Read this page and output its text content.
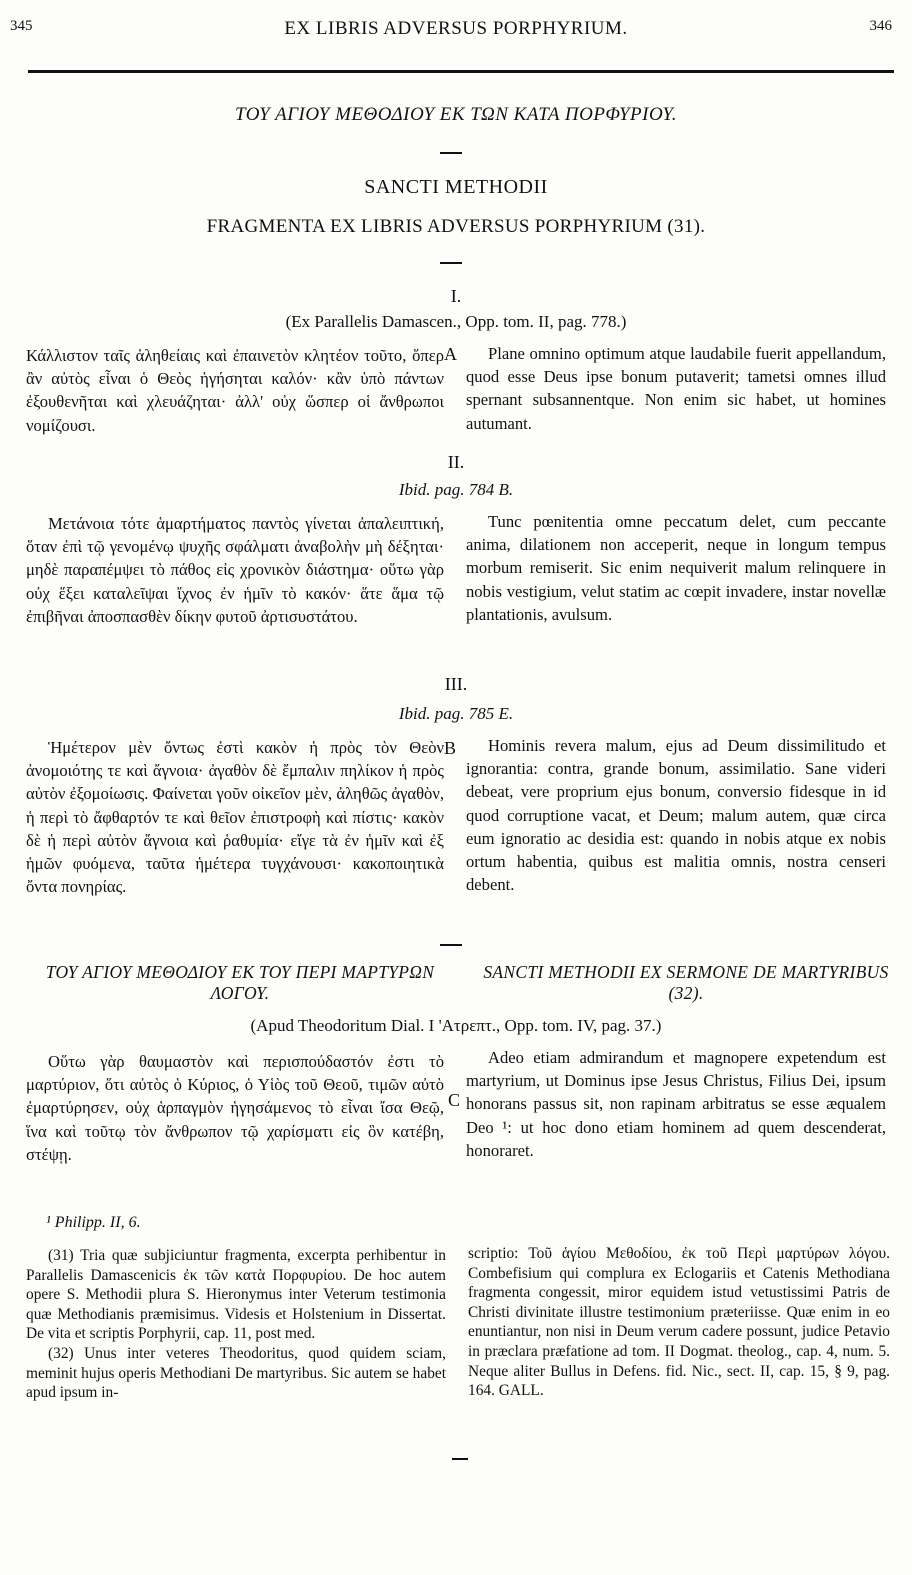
345	EX LIBRIS ADVERSUS PORPHYRIUM.	346
ΤΟΥ ΑΓΙΟΥ ΜΕΘΟΔΙΟΥ ΕΚ ΤΩΝ ΚΑΤΑ ΠΟΡΦΥΡΙΟΥ.
SANCTI METHODII
FRAGMENTA EX LIBRIS ADVERSUS PORPHYRIUM (31).
I.
(Ex Parallelis Damascen., Opp. tom. II, pag. 778.)

Κάλλιστον ταῖς ἀληθείαις καὶ ἐπαινετὸν κλητέον τοῦτο, ὅπερ ἂν αὐτὸς εἶναι ὁ Θεὸς ἡγήσηται καλόν· κἂν ὑπὸ πάντων ἐξουθενῆται καὶ χλευάζηται· ἀλλ' οὐχ ὥσπερ οἱ ἄνθρωποι νομίζουσι.

A	Plane omnino optimum atque laudabile fuerit appellandum, quod esse Deus ipse bonum putaverit; tametsi omnes illud spernant subsannentque. Non enim sic habet, ut homines autumant.

II.
Ibid. pag. 784 B.

Μετάνοια τότε ἁμαρτήματος παντὸς γίνεται ἀπαλειπτική, ὅταν ἐπὶ τῷ γενομένῳ ψυχῆς σφάλματι ἀναβολὴν μὴ δέξηται· μηδὲ παραπέμψει τὸ πάθος εἰς χρονικὸν διάστημα· οὕτω γὰρ οὐχ ἕξει καταλεῖψαι ἴχνος ἐν ἡμῖν τὸ κακόν· ἅτε ἅμα τῷ ἐπιβῆναι ἀποσπασθὲν δίκην φυτοῦ ἀρτισυστάτου.

Tunc pœnitentia omne peccatum delet, cum peccante anima, dilationem non acceperit, neque in longum tempus morbum remiserit. Sic enim nequiverit malum relinquere in nobis vestigium, velut statim ac cœpit invadere, instar novellæ plantationis, avulsum.

III.
Ibid. pag. 785 E.

Ἡμέτερον μὲν ὄντως ἐστὶ κακὸν ἡ πρὸς τὸν Θεὸν ἀνομοιότης τε καὶ ἄγνοια· ἀγαθὸν δὲ ἔμπαλιν πηλίκον ἡ πρὸς αὐτὸν ἐξομοίωσις. Φαίνεται γοῦν οἰκεῖον μὲν, ἀληθῶς ἀγαθὸν, ἡ περὶ τὸ ἄφθαρτόν τε καὶ θεῖον ἐπιστροφὴ καὶ πίστις· κακὸν δὲ ἡ περὶ αὐτὸν ἄγνοια καὶ ῥαθυμία· εἴγε τὰ ἐν ἡμῖν καὶ ἐξ ἡμῶν φυόμενα, ταῦτα ἡμέτερα τυγχάνουσι· κακοποιητικὰ ὄντα πονηρίας.

B	Hominis revera malum, ejus ad Deum dissimilitudo et ignorantia: contra, grande bonum, assimilatio. Sane videri debeat, vere proprium ejus bonum, conversio fidesque in id quod corruptione vacat, et Deum; malum autem, quæ circa eum ignoratio ac desidia est: quando in nobis atque ex nobis ortum habentia, quibus est malitia omnis, nostra censeri debent.

ΤΟΥ ΑΓΙΟΥ ΜΕΘΟΔΙΟΥ ΕΚ ΤΟΥ ΠΕΡΙ ΜΑΡΤΥΡΩΝ ΛΟΓΟΥ.
SANCTI METHODII EX SERMONE DE MARTYRIBUS (32).
(Apud Theodoritum Dial. I 'Ατρεπτ., Opp. tom. IV, pag. 37.)

Οὕτω γὰρ θαυμαστὸν καὶ περισπούδαστόν ἐστι τὸ μαρτύριον, ὅτι αὐτὸς ὁ Κύριος, ὁ Υἱὸς τοῦ Θεοῦ, τιμῶν αὐτὸ ἐμαρτύρησεν, οὐχ ἁρπαγμὸν ἡγησάμενος τὸ εἶναι ἴσα Θεῷ, ἵνα καὶ τοῦτῳ τὸν ἄνθρωπον τῷ χαρίσματι εἰς ὃν κατέβη, στέψῃ.

C

Adeo etiam admirandum et magnopere expetendum est martyrium, ut Dominus ipse Jesus Christus, Filius Dei, ipsum honorans passus sit, non rapinam arbitratus se esse æqualem Deo ¹: ut hoc dono etiam hominem ad quem descenderat, honoraret.

¹ Philipp. II, 6.

(31) Tria quæ subjiciuntur fragmenta, excerpta perhibentur in Parallelis Damascenicis ἐκ τῶν κατὰ Πορφυρίου. De hoc autem opere S. Methodii plura S. Hieronymus inter Veterum testimonia quæ Methodianis præmisimus. Videsis et Holstenium in Dissertat. De vita et scriptis Porphyrii, cap. 11, post med.

(32) Unus inter veteres Theodoritus, quod quidem sciam, meminit hujus operis Methodiani De martyribus. Sic autem se habet apud ipsum in-

scriptio: Τοῦ ἁγίου Μεθοδίου, ἐκ τοῦ Περὶ μαρτύρων λόγου. Combefisium qui complura ex Eclogariis et Catenis Methodiana fragmenta congessit, miror equidem istud vetustissimi Patris de Christi divinitate illustre testimonium præteriisse. Quæ enim in eo enuntiantur, non nisi in Deum verum cadere possunt, judice Petavio in præclara præfatione ad tom. II Dogmat. theolog., cap. 4, num. 5. Neque aliter Bullus in Defens. fid. Nic., sect. II, cap. 15, § 9, pag. 164. GALL.
